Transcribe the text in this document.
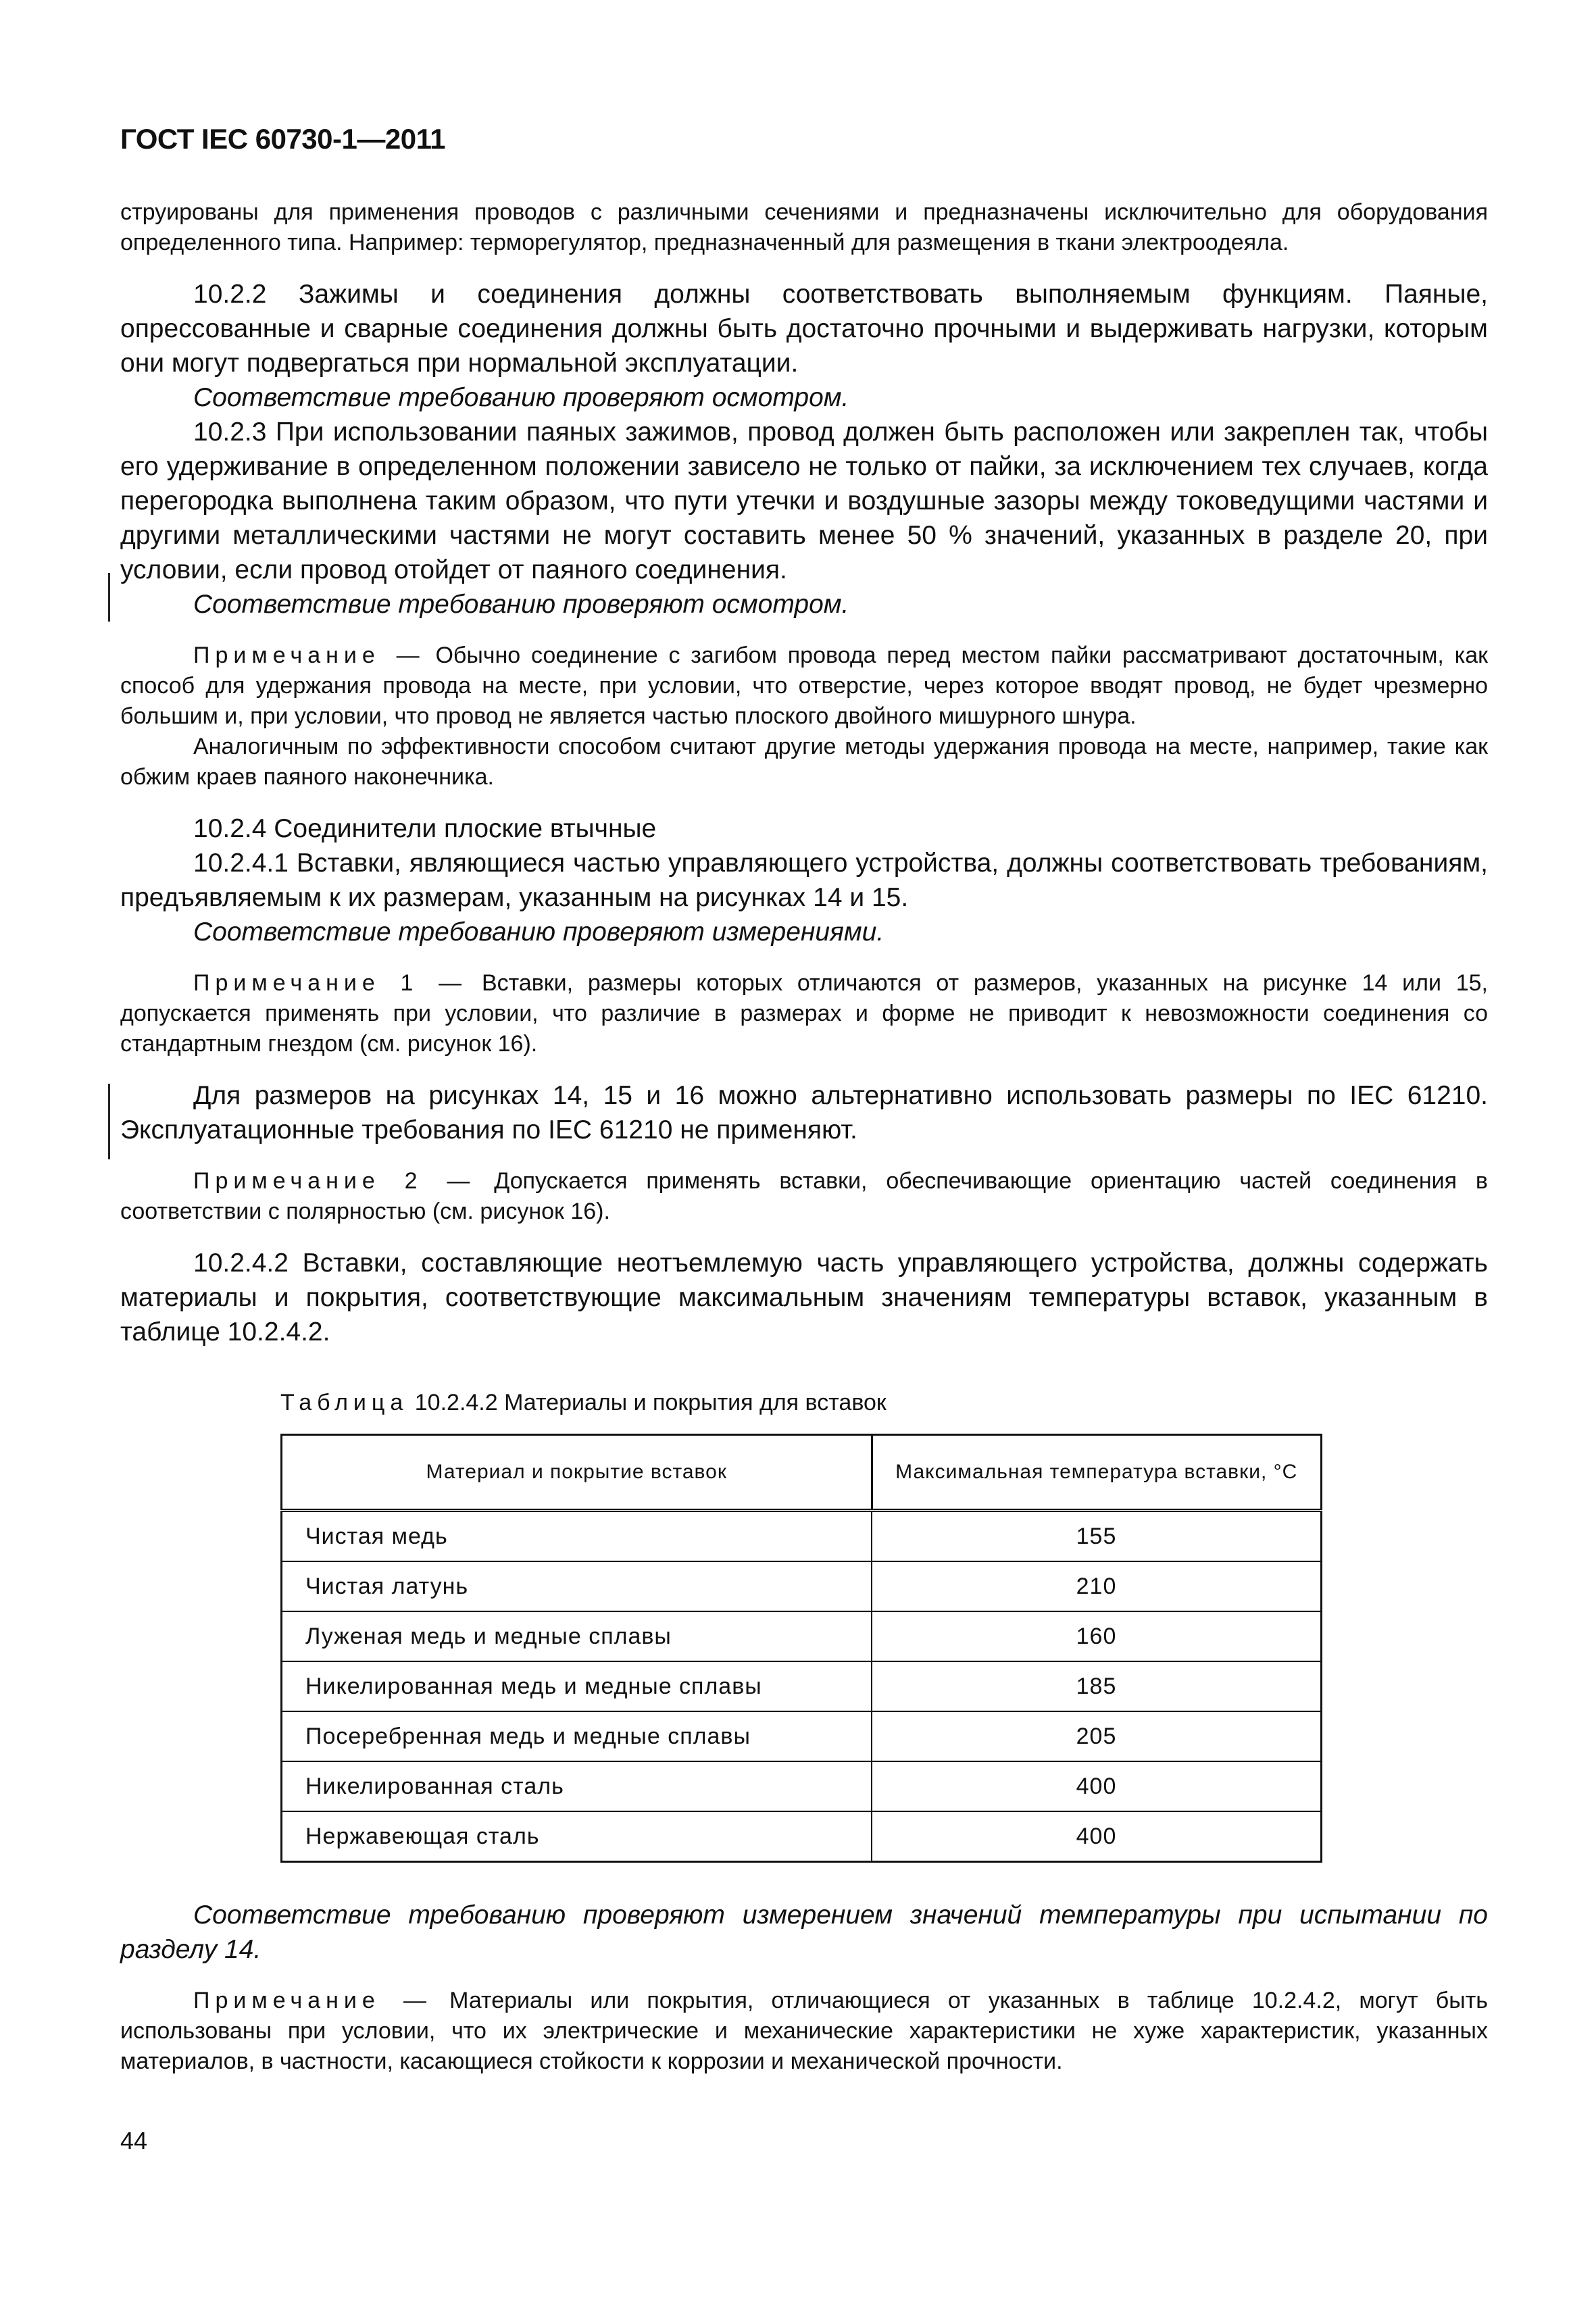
ГОСТ IEC 60730-1—2011

струированы для применения проводов с различными сечениями и предназначены исключительно для оборудования определенного типа. Например: терморегулятор, предназначенный для размещения в ткани электроодеяла.

10.2.2 Зажимы и соединения должны соответствовать выполняемым функциям. Паяные, опрессованные и сварные соединения должны быть достаточно прочными и выдерживать нагрузки, которым они могут подвергаться при нормальной эксплуатации.

Соответствие требованию проверяют осмотром.

10.2.3 При использовании паяных зажимов, провод должен быть расположен или закреплен так, чтобы его удерживание в определенном положении зависело не только от пайки, за исключением тех случаев, когда перегородка выполнена таким образом, что пути утечки и воздушные зазоры между токоведущими частями и другими металлическими частями не могут составить менее 50 % значений, указанных в разделе 20, при условии, если провод отойдет от паяного соединения.

Соответствие требованию проверяют осмотром.

Примечание — Обычно соединение с загибом провода перед местом пайки рассматривают достаточным, как способ для удержания провода на месте, при условии, что отверстие, через которое вводят провод, не будет чрезмерно большим и, при условии, что провод не является частью плоского двойного мишурного шнура.

Аналогичным по эффективности способом считают другие методы удержания провода на месте, например, такие как обжим краев паяного наконечника.

10.2.4 Соединители плоские втычные

10.2.4.1 Вставки, являющиеся частью управляющего устройства, должны соответствовать требованиям, предъявляемым к их размерам, указанным на рисунках 14 и 15.

Соответствие требованию проверяют измерениями.

Примечание 1 — Вставки, размеры которых отличаются от размеров, указанных на рисунке 14 или 15, допускается применять при условии, что различие в размерах и форме не приводит к невозможности соединения со стандартным гнездом (см. рисунок 16).

Для размеров на рисунках 14, 15 и 16 можно альтернативно использовать размеры по IEC 61210. Эксплуатационные требования по IEC 61210 не применяют.

Примечание 2 — Допускается применять вставки, обеспечивающие ориентацию частей соединения в соответствии с полярностью (см. рисунок 16).

10.2.4.2 Вставки, составляющие неотъемлемую часть управляющего устройства, должны содержать материалы и покрытия, соответствующие максимальным значениям температуры вставок, указанным в таблице 10.2.4.2.

Таблица 10.2.4.2 Материалы и покрытия для вставок
Материал и покрытие вставок	Максимальная температура вставки, °С
Чистая медь	155
Чистая латунь	210
Луженая медь и медные сплавы	160
Никелированная медь и медные сплавы	185
Посеребренная медь и медные сплавы	205
Никелированная сталь	400
Нержавеющая сталь	400

Соответствие требованию проверяют измерением значений температуры при испытании по разделу 14.

Примечание — Материалы или покрытия, отличающиеся от указанных в таблице 10.2.4.2, могут быть использованы при условии, что их электрические и механические характеристики не хуже характеристик, указанных материалов, в частности, касающиеся стойкости к коррозии и механической прочности.

44
